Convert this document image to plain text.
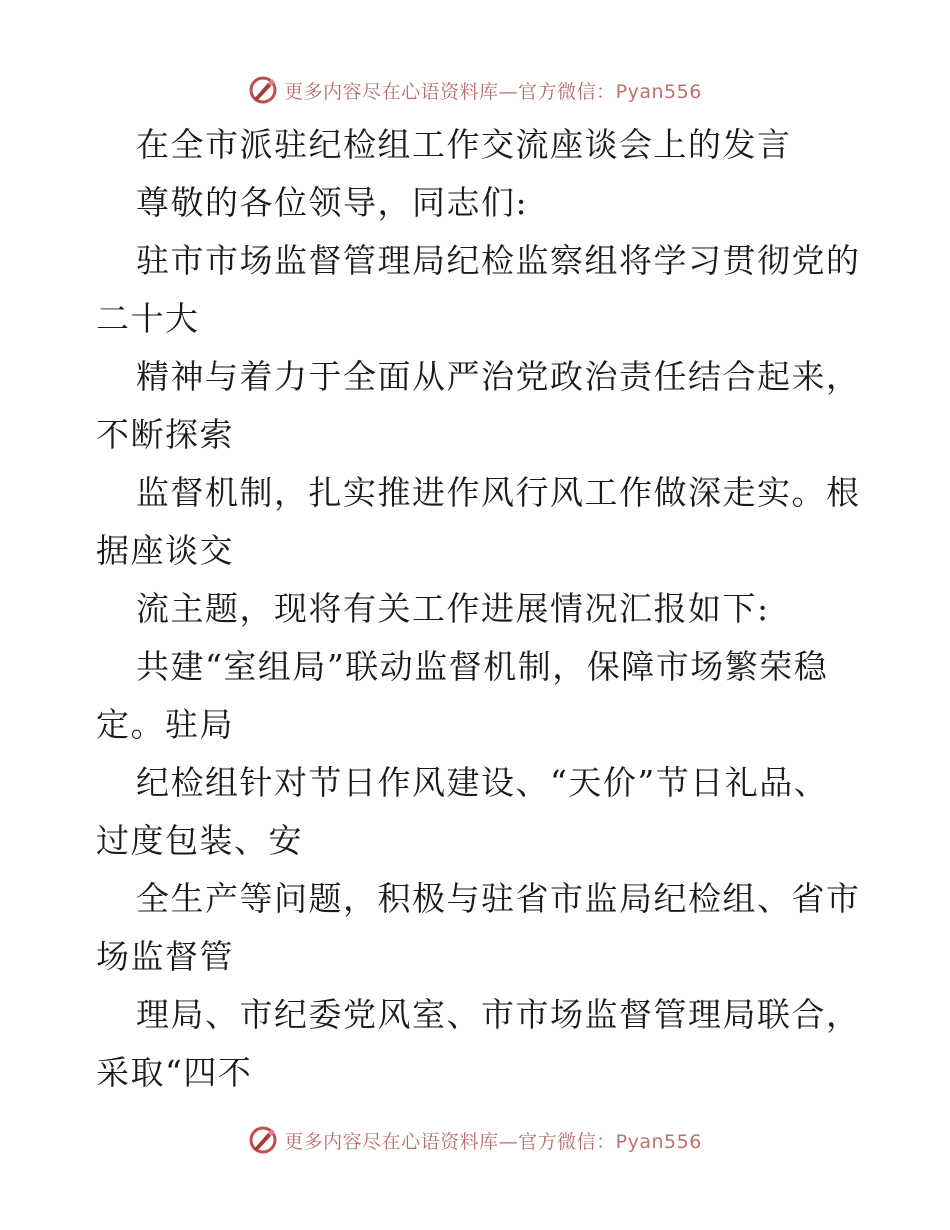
更多内容尽在心语资料库—官方微信：Pyan556
在全市派驻纪检组工作交流座谈会上的发言
尊敬的各位领导，同志们:
驻市市场监督管理局纪检监察组将学习贯彻党的
二十大
精神与着力于全面从严治党政治责任结合起来，
不断探索
监督机制，扎实推进作风行风工作做深走实。根
据座谈交
流主题，现将有关工作进展情况汇报如下:
共建“室组局”联动监督机制，保障市场繁荣稳
定。驻局
纪检组针对节日作风建设、“天价”节日礼品、
过度包装、安
全生产等问题，积极与驻省市监局纪检组、省市
场监督管
理局、市纪委党风室、市市场监督管理局联合，
采取“四不
更多内容尽在心语资料库—官方微信：Pyan556
